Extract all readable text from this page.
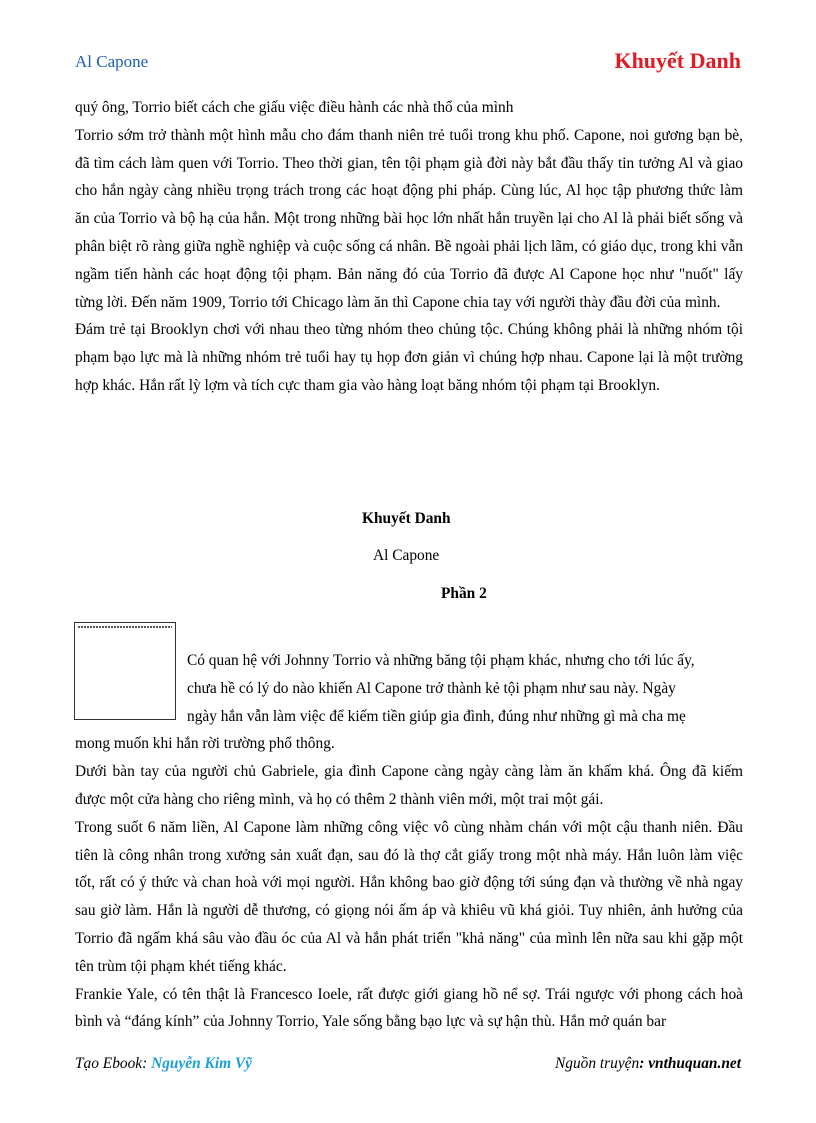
Al Capone	Khuyết Danh

quý ông, Torrio biết cách che giấu việc điều hành các nhà thổ của mình

Torrio sớm trở thành một hình mẫu cho đám thanh niên trẻ tuổi trong khu phố. Capone, noi gương bạn bè, đã tìm cách làm quen với Torrio. Theo thời gian, tên tội phạm già đời này bắt đầu thấy tin tưởng Al và giao cho hắn ngày càng nhiều trọng trách trong các hoạt động phi pháp. Cùng lúc, Al học tập phương thức làm ăn của Torrio và bộ hạ của hắn. Một trong những bài học lớn nhất hắn truyền lại cho Al là phải biết sống và phân biệt rõ ràng giữa nghề nghiệp và cuộc sống cá nhân. Bề ngoài phải lịch lãm, có giáo dục, trong khi vẫn ngầm tiến hành các hoạt động tội phạm. Bản năng đó của Torrio đã được Al Capone học như "nuốt" lấy từng lời. Đến năm 1909, Torrio tới Chicago làm ăn thì Capone chia tay với người thày đầu đời của mình.

Đám trẻ tại Brooklyn chơi với nhau theo từng nhóm theo chủng tộc. Chúng không phải là những nhóm tội phạm bạo lực mà là những nhóm trẻ tuổi hay tụ họp đơn giản vì chúng hợp nhau. Capone lại là một trường hợp khác. Hắn rất lỳ lợm và tích cực tham gia vào hàng loạt băng nhóm tội phạm tại Brooklyn.

Khuyết Danh
Al Capone
Phần 2

Có quan hệ với Johnny Torrio và những băng tội phạm khác, nhưng cho tới lúc ấy,

chưa hề có lý do nào khiến Al Capone trở thành kẻ tội phạm như sau này. Ngày

ngày hắn vẫn làm việc để kiếm tiền giúp gia đình, đúng như những gì mà cha mẹ

mong muốn khi hắn rời trường phổ thông.

Dưới bàn tay của người chủ Gabriele, gia đình Capone càng ngày càng làm ăn khấm khá. Ông đã kiếm được một cửa hàng cho riêng mình, và họ có thêm 2 thành viên mới, một trai một gái.

Trong suốt 6 năm liền, Al Capone làm những công việc vô cùng nhàm chán với một cậu thanh niên. Đầu tiên là công nhân trong xưởng sản xuất đạn, sau đó là thợ cắt giấy trong một nhà máy. Hắn luôn làm việc tốt, rất có ý thức và chan hoà với mọi người. Hắn không bao giờ động tới súng đạn và thường về nhà ngay sau giờ làm. Hắn là người dễ thương, có giọng nói ấm áp và khiêu vũ khá giỏi. Tuy nhiên, ảnh hưởng của Torrio đã ngấm khá sâu vào đầu óc của Al và hắn phát triển "khả năng" của mình lên nữa sau khi gặp một tên trùm tội phạm khét tiếng khác.

Frankie Yale, có tên thật là Francesco Ioele, rất được giới giang hồ nể sợ. Trái ngược với phong cách hoà bình và “đáng kính” của Johnny Torrio, Yale sống bằng bạo lực và sự hận thù. Hắn mở quán bar

Tạo Ebook: Nguyễn Kim Vỹ	Nguồn truyện: vnthuquan.net
